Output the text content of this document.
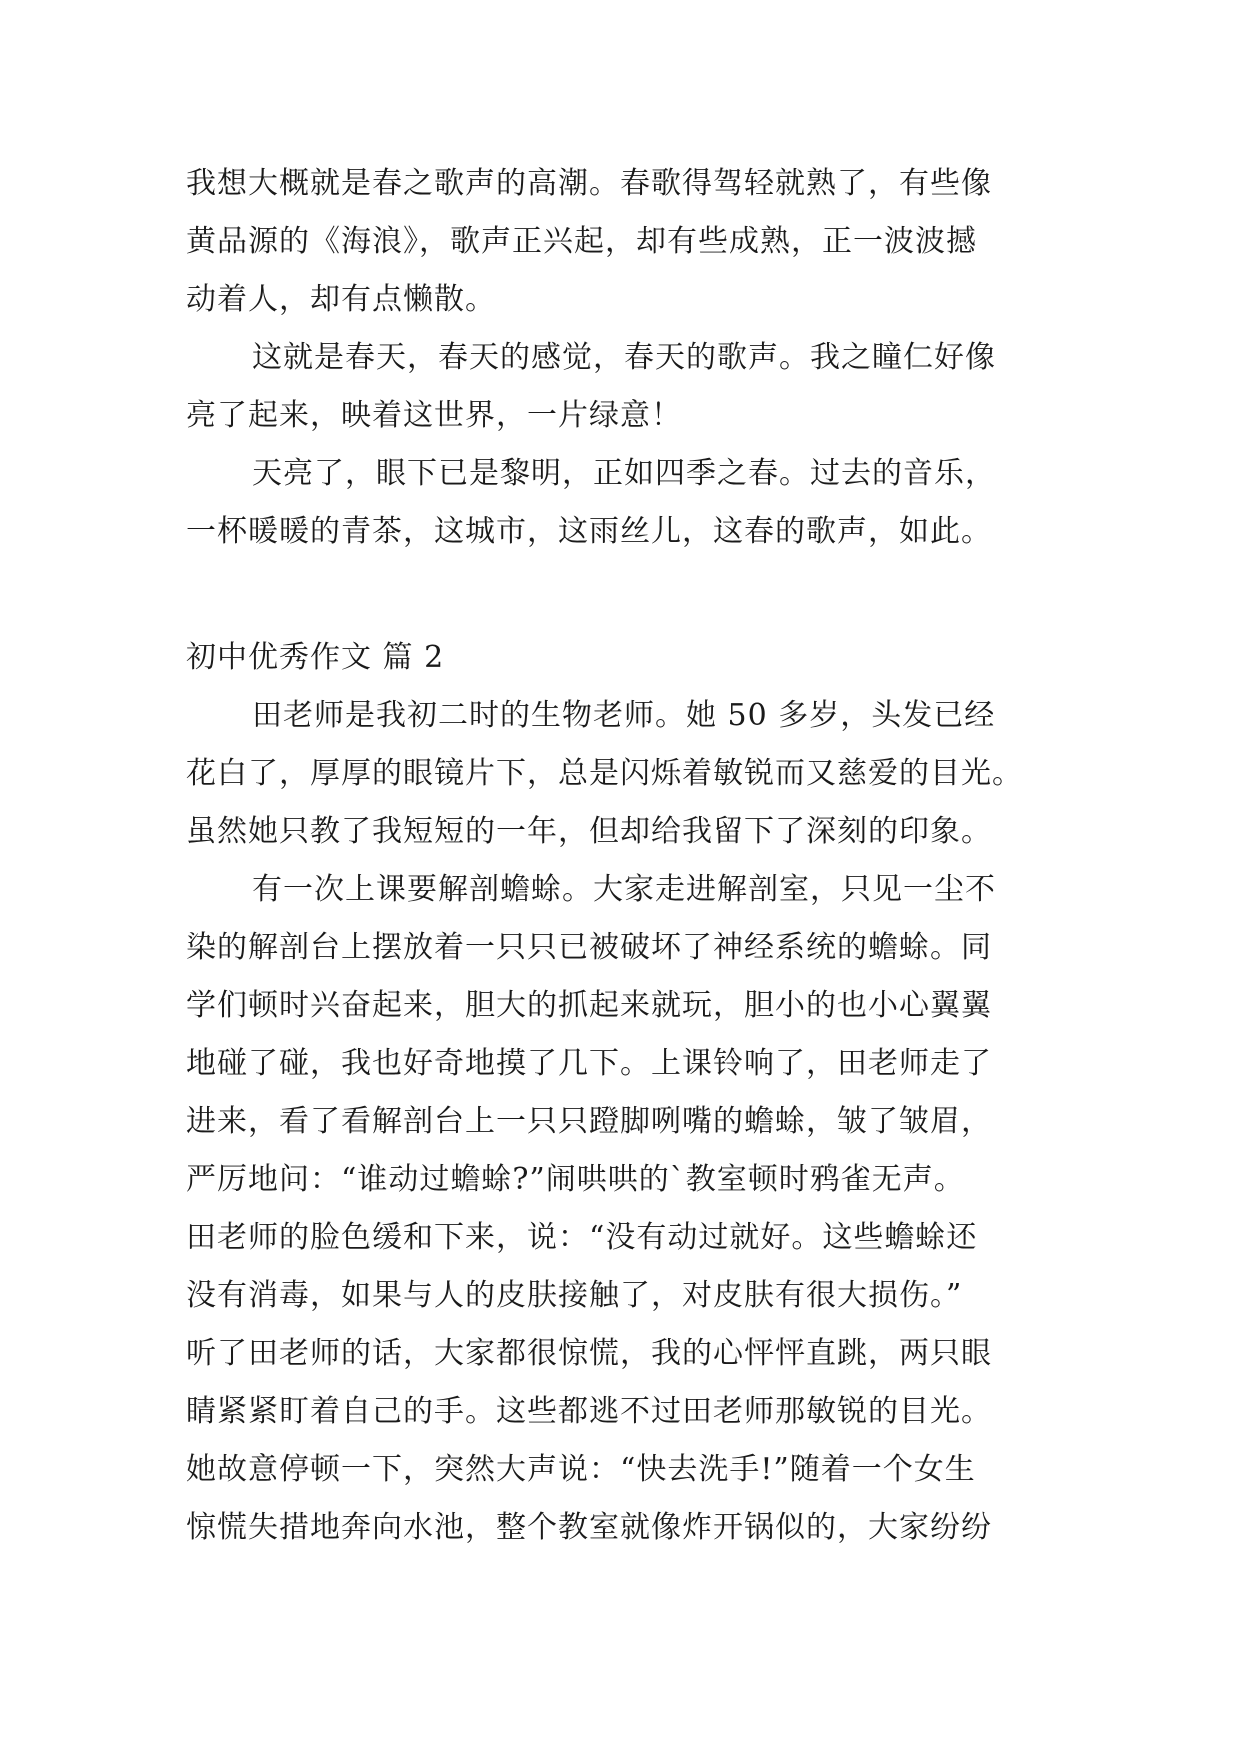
我想大概就是春之歌声的高潮。春歌得驾轻就熟了，有些像
黄品源的《海浪》，歌声正兴起，却有些成熟，正一波波撼
动着人，却有点懒散。
这就是春天，春天的感觉，春天的歌声。我之瞳仁好像
亮了起来，映着这世界，一片绿意！
天亮了，眼下已是黎明，正如四季之春。过去的音乐，
一杯暖暖的青茶，这城市，这雨丝儿，这春的歌声，如此。
初中优秀作文 篇 2
田老师是我初二时的生物老师。她 50 多岁，头发已经
花白了，厚厚的眼镜片下，总是闪烁着敏锐而又慈爱的目光。
虽然她只教了我短短的一年，但却给我留下了深刻的印象。
有一次上课要解剖蟾蜍。大家走进解剖室，只见一尘不
染的解剖台上摆放着一只只已被破坏了神经系统的蟾蜍。同
学们顿时兴奋起来，胆大的抓起来就玩，胆小的也小心翼翼
地碰了碰，我也好奇地摸了几下。上课铃响了，田老师走了
进来，看了看解剖台上一只只蹬脚咧嘴的蟾蜍，皱了皱眉，
严厉地问：“谁动过蟾蜍?”闹哄哄的`教室顿时鸦雀无声。
田老师的脸色缓和下来，说：“没有动过就好。这些蟾蜍还
没有消毒，如果与人的皮肤接触了，对皮肤有很大损伤。”
听了田老师的话，大家都很惊慌，我的心怦怦直跳，两只眼
睛紧紧盯着自己的手。这些都逃不过田老师那敏锐的目光。
她故意停顿一下，突然大声说：“快去洗手!”随着一个女生
惊慌失措地奔向水池，整个教室就像炸开锅似的，大家纷纷
